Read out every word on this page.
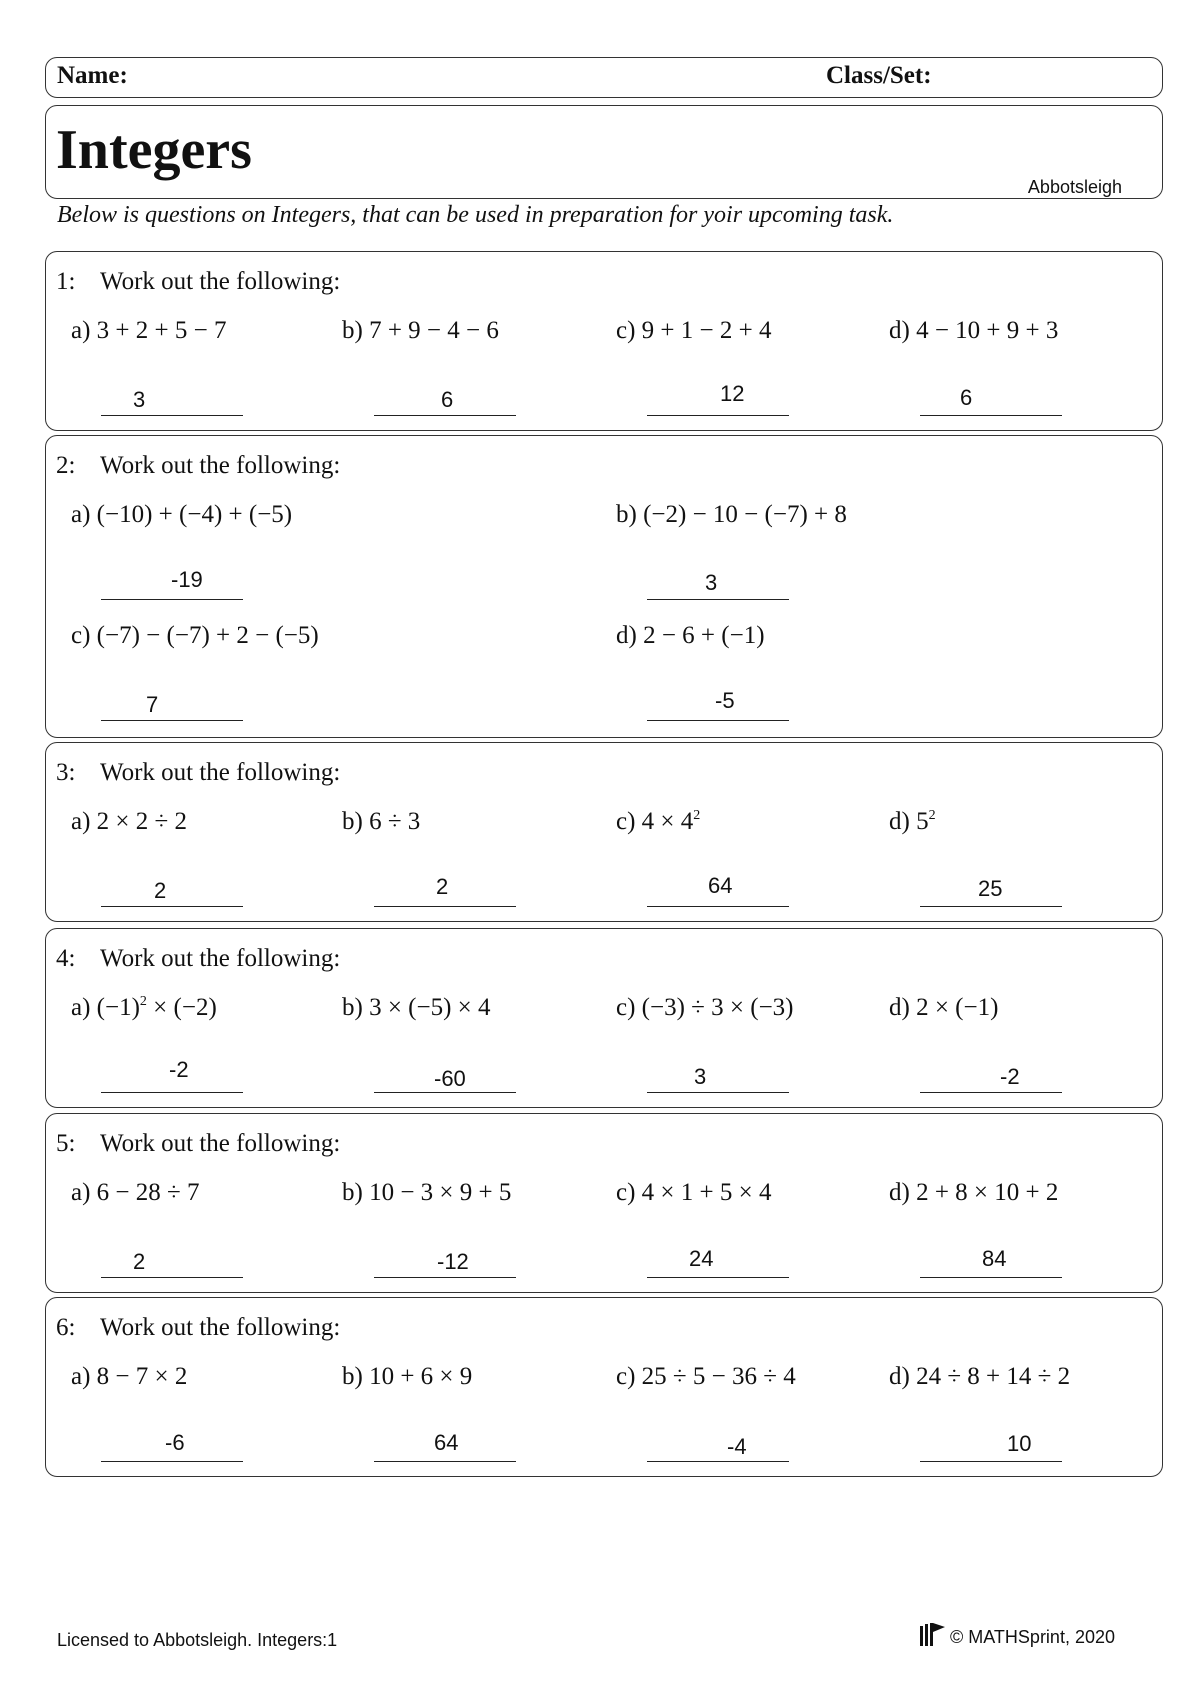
Name:	Class/Set:
Integers
Abbotsleigh
Below is questions on Integers, that can be used in preparation for yoir upcoming task.
1: Work out the following:
a) 3 + 2 + 5 − 7	b) 7 + 9 − 4 − 6	c) 9 + 1 − 2 + 4	d) 4 − 10 + 9 + 3
3	6	12	6
2: Work out the following:
a) (−10) + (−4) + (−5)	b) (−2) − 10 − (−7) + 8
-19	3
c) (−7) − (−7) + 2 − (−5)	d) 2 − 6 + (−1)
7	-5
3: Work out the following:
a) 2 × 2 ÷ 2	b) 6 ÷ 3	c) $4 \times 4^2$	d) $5^2$
2	2	64	25
4: Work out the following:
a) $(-1)^2 \times (-2)$	b) 3 × (−5) × 4	c) (−3) ÷ 3 × (−3)	d) 2 × (−1)
-2	-60	3	-2
5: Work out the following:
a) 6 − 28 ÷ 7	b) 10 − 3 × 9 + 5	c) 4 × 1 + 5 × 4	d) 2 + 8 × 10 + 2
2	-12	24	84
6: Work out the following:
a) 8 − 7 × 2	b) 10 + 6 × 9	c) 25 ÷ 5 − 36 ÷ 4	d) 24 ÷ 8 + 14 ÷ 2
-6	64	-4	10
Licensed to Abbotsleigh. Integers:1	© MATHSprint, 2020
